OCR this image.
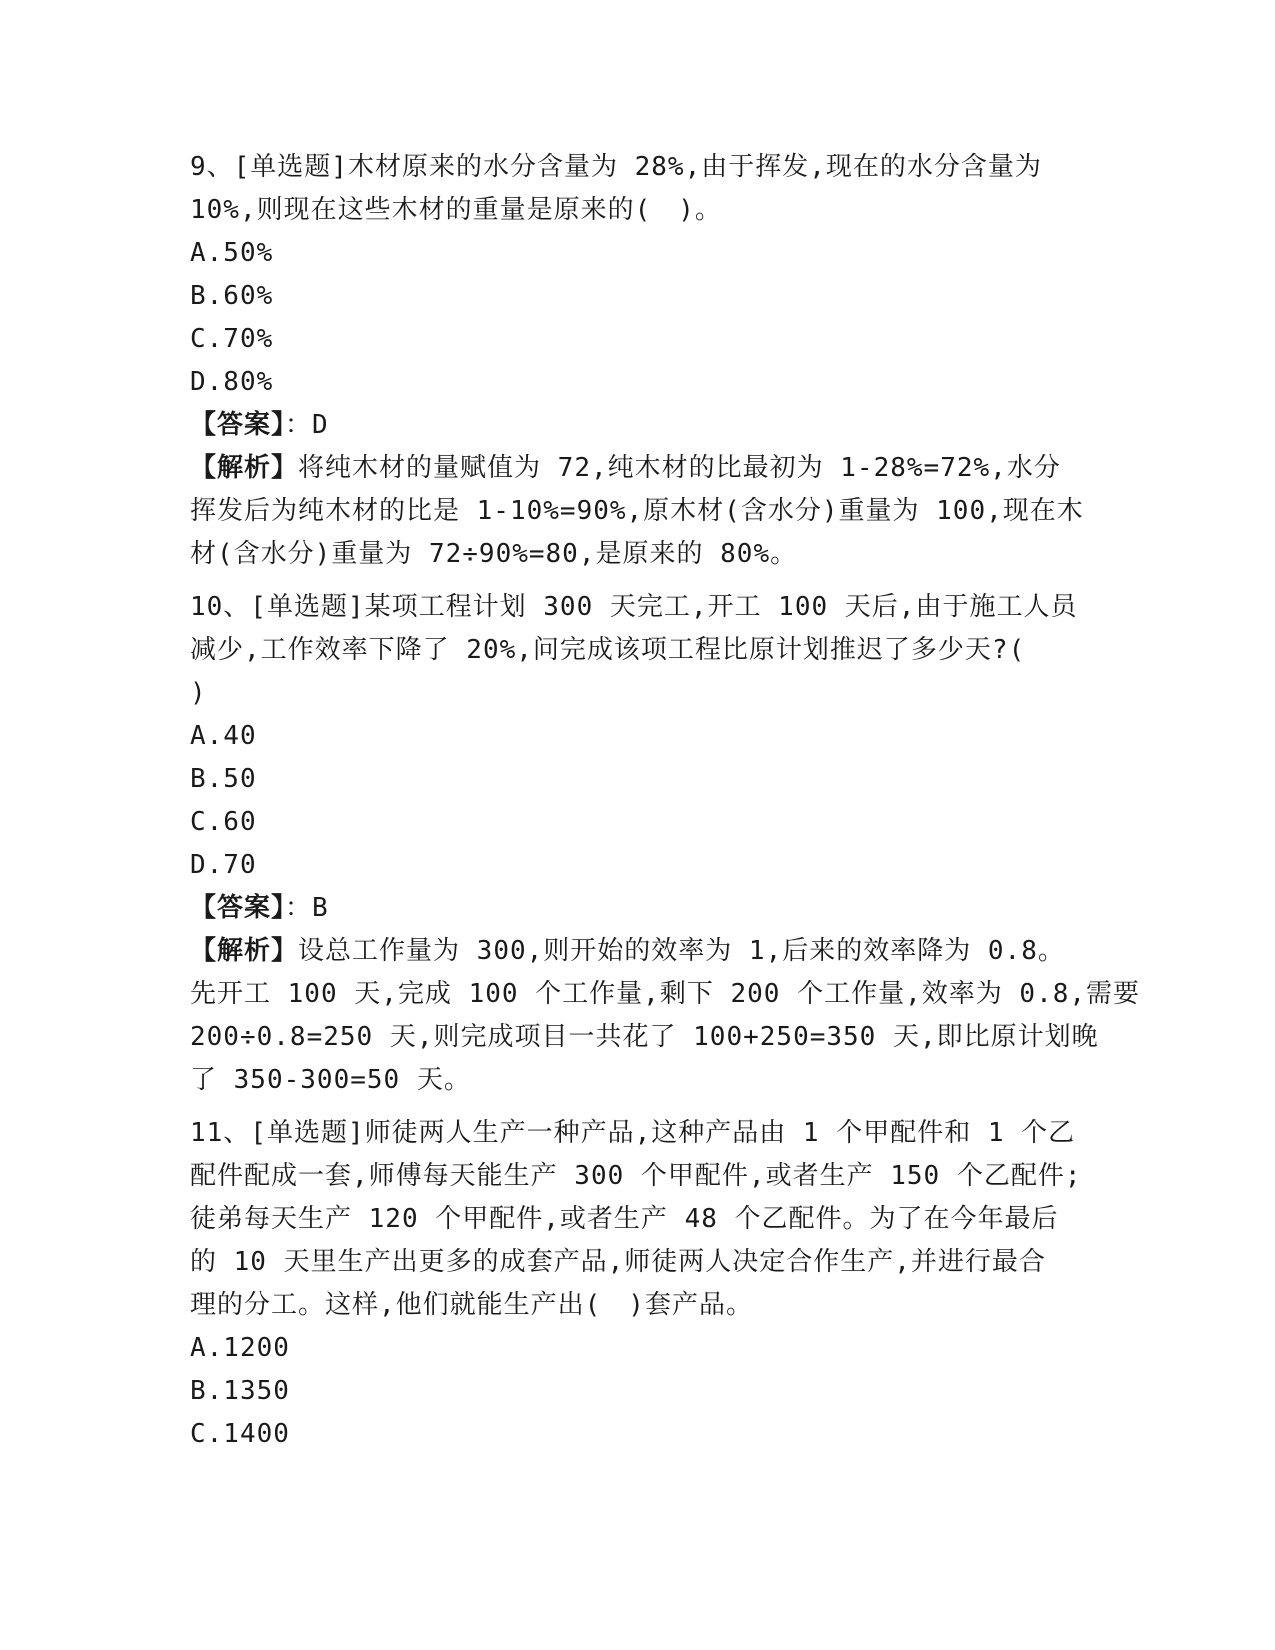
9、[单选题]木材原来的水分含量为 28%,由于挥发,现在的水分含量为
10%,则现在这些木材的重量是原来的(　)。
A.50%
B.60%
C.70%
D.80%
【答案】：D
【解析】将纯木材的量赋值为 72,纯木材的比最初为 1-28%=72%,水分
挥发后为纯木材的比是 1-10%=90%,原木材(含水分)重量为 100,现在木
材(含水分)重量为 72÷90%=80,是原来的 80%。
10、[单选题]某项工程计划 300 天完工,开工 100 天后,由于施工人员
减少,工作效率下降了 20%,问完成该项工程比原计划推迟了多少天?(
)
A.40
B.50
C.60
D.70
【答案】：B
【解析】设总工作量为 300,则开始的效率为 1,后来的效率降为 0.8。
先开工 100 天,完成 100 个工作量,剩下 200 个工作量,效率为 0.8,需要
200÷0.8=250 天,则完成项目一共花了 100+250=350 天,即比原计划晚
了 350-300=50 天。
11、[单选题]师徒两人生产一种产品,这种产品由 1 个甲配件和 1 个乙
配件配成一套,师傅每天能生产 300 个甲配件,或者生产 150 个乙配件;
徒弟每天生产 120 个甲配件,或者生产 48 个乙配件。为了在今年最后
的 10 天里生产出更多的成套产品,师徒两人决定合作生产,并进行最合
理的分工。这样,他们就能生产出(　)套产品。
A.1200
B.1350
C.1400
